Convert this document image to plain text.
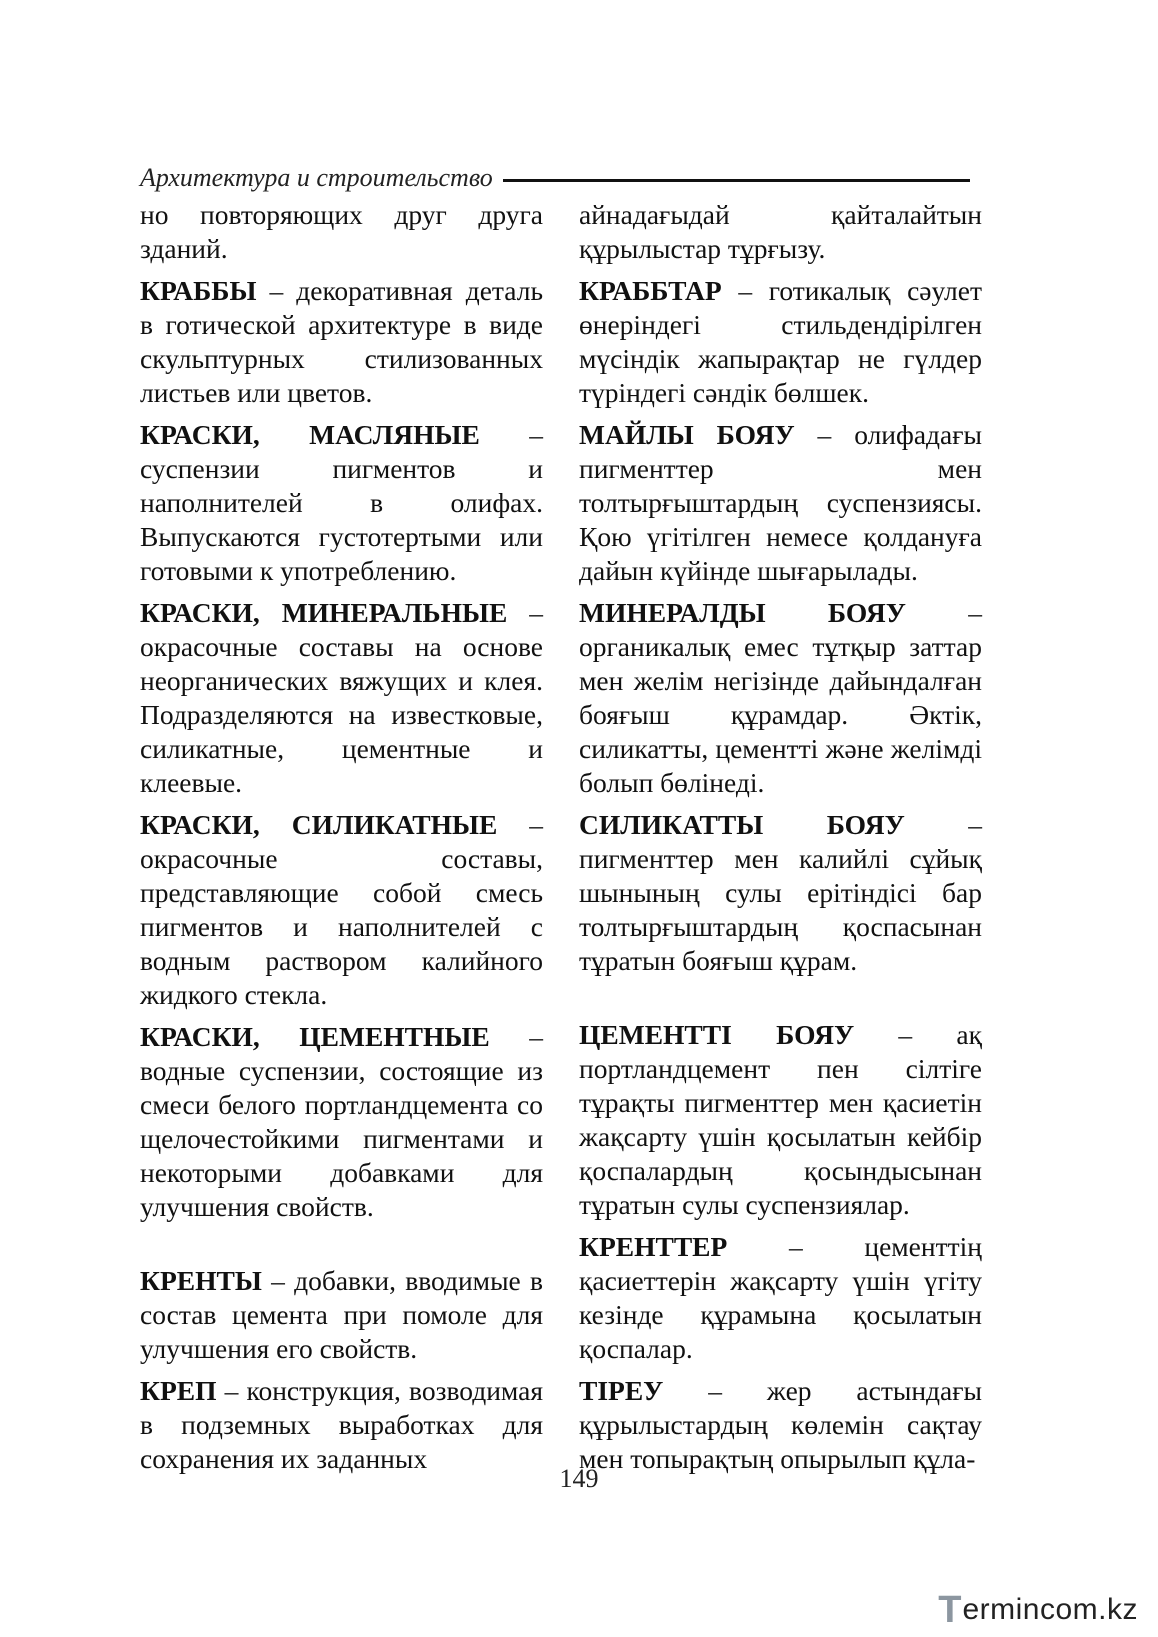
Архитектура и строительство

но повторяющих друг друга зданий.

КРАББЫ – декоративная деталь в готической архитектуре в виде скульптурных стилизованных листьев или цветов.

КРАСКИ, МАСЛЯНЫЕ – суспензии пигментов и наполнителей в олифах. Выпускаются густотертыми или готовыми к употреблению.

КРАСКИ, МИНЕРАЛЬНЫЕ – окрасочные составы на основе неорганических вяжущих и клея. Подразделяются на известковые, силикатные, цементные и клеевые.

КРАСКИ, СИЛИКАТНЫЕ – окрасочные составы, представляющие собой смесь пигментов и наполнителей с водным раствором калийного жидкого стекла.

КРАСКИ, ЦЕМЕНТНЫЕ – водные суспензии, состоящие из смеси белого портландцемента со щелочестойкими пигментами и некоторыми добавками для улучшения свойств.

КРЕНТЫ – добавки, вводимые в состав цемента при помоле для улучшения его свойств.

КРЕП – конструкция, возводимая в подземных выработках для сохранения их заданных

айнадағыдай қайталайтын құрылыстар тұрғызу.

КРАББТАР – готикалық сәулет өнеріндегі стильдендірілген мүсіндік жапырақтар не гүлдер түріндегі сәндік бөлшек.

МАЙЛЫ БОЯУ – олифадағы пигменттер мен толтырғыштардың суспензиясы. Қою үгітілген немесе қолдануға дайын күйінде шығарылады.

МИНЕРАЛДЫ БОЯУ – органикалық емес тұтқыр заттар мен желім негізінде дайындалған бояғыш құрамдар. Әктік, силикатты, цементті және желімді болып бөлінеді.

СИЛИКАТТЫ БОЯУ – пигменттер мен калийлі сұйық шынының сулы ерітіндісі бар толтырғыштардың қоспасынан тұратын бояғыш құрам.

ЦЕМЕНТТІ БОЯУ – ақ портландцемент пен сілтіге тұрақты пигменттер мен қасиетін жақсарту үшін қосылатын кейбір қоспалардың қосындысынан тұратын сулы суспензиялар.

КРЕНТТЕР – цементтің қасиеттерін жақсарту үшін үгіту кезінде құрамына қосылатын қоспалар.

ТІРЕУ – жер астындағы құрылыстардың көлемін сақтау мен топырақтың опырылып құла-

149
T ermincom.kz
